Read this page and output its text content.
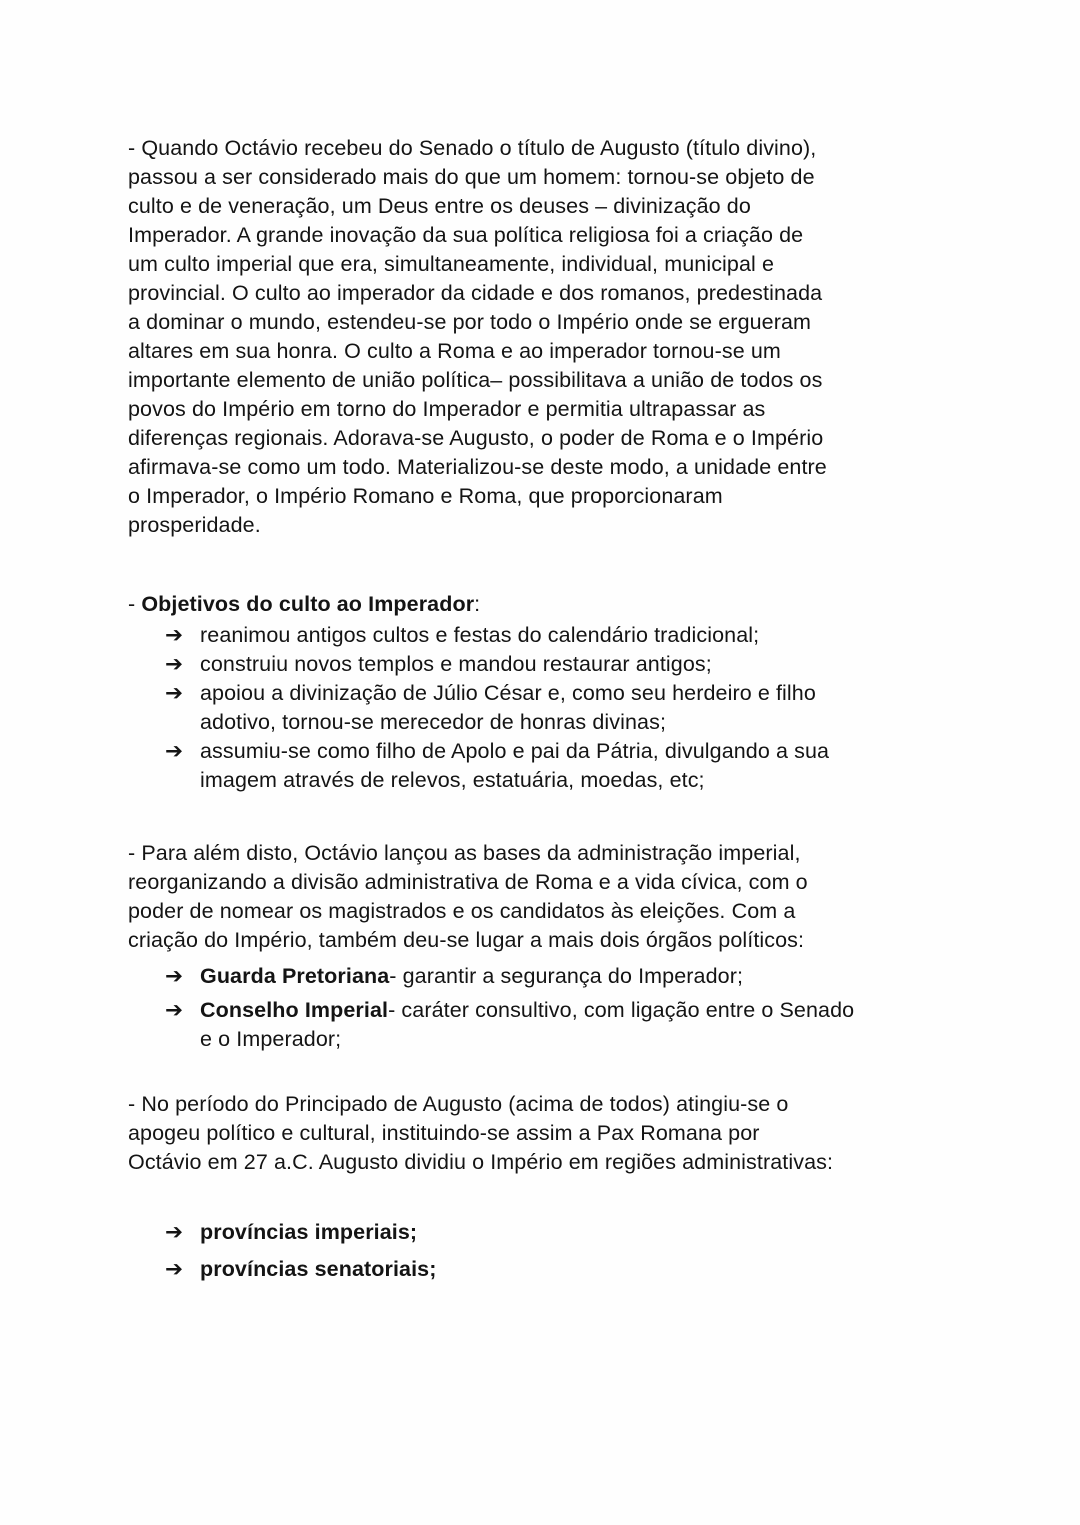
- Quando Octávio recebeu do Senado o título de Augusto (título divino),
passou a ser considerado mais do que um homem: tornou-se objeto de
culto e de veneração, um Deus entre os deuses – divinização do
Imperador. A grande inovação da sua política religiosa foi a criação de
um culto imperial que era, simultaneamente, individual, municipal e
provincial. O culto ao imperador da cidade e dos romanos, predestinada
a dominar o mundo, estendeu-se por todo o Império onde se ergueram
altares em sua honra. O culto a Roma e ao imperador tornou-se um
importante elemento de união política– possibilitava a união de todos os
povos do Império em torno do Imperador e permitia ultrapassar as
diferenças regionais. Adorava-se Augusto, o poder de Roma e o Império
afirmava-se como um todo. Materializou-se deste modo, a unidade entre
o Imperador, o Império Romano e Roma, que proporcionaram
prosperidade.
- Objetivos do culto ao Imperador:
➔ reanimou antigos cultos e festas do calendário tradicional;
➔ construiu novos templos e mandou restaurar antigos;
➔ apoiou a divinização de Júlio César e, como seu herdeiro e filho
adotivo, tornou-se merecedor de honras divinas;
➔ assumiu-se como filho de Apolo e pai da Pátria, divulgando a sua
imagem através de relevos, estatuária, moedas, etc;
- Para além disto, Octávio lançou as bases da administração imperial,
reorganizando a divisão administrativa de Roma e a vida cívica, com o
poder de nomear os magistrados e os candidatos às eleições. Com a
criação do Império, também deu-se lugar a mais dois órgãos políticos:
➔ Guarda Pretoriana- garantir a segurança do Imperador;
➔ Conselho Imperial- caráter consultivo, com ligação entre o Senado
e o Imperador;
- No período do Principado de Augusto (acima de todos) atingiu-se o
apogeu político e cultural, instituindo-se assim a Pax Romana por
Octávio em 27 a.C. Augusto dividiu o Império em regiões administrativas:
➔ províncias imperiais;
➔ províncias senatoriais;
